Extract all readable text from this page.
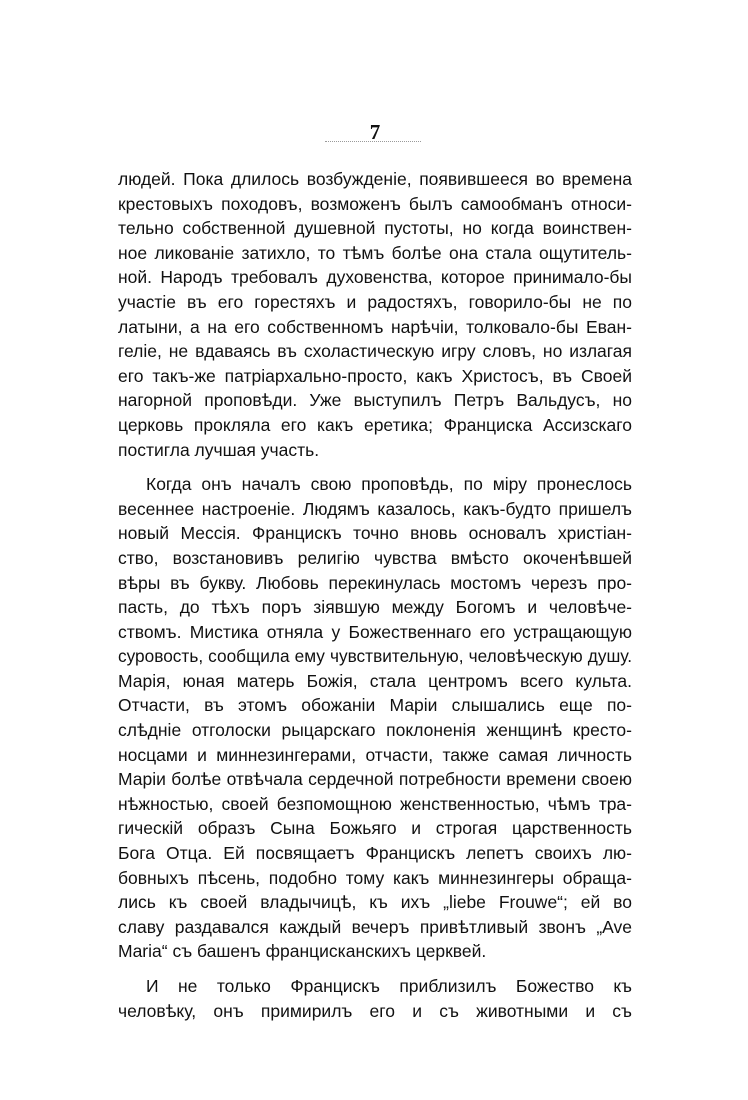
7
людей. Пока длилось возбужденіе, появившееся во времена
крестовыхъ походовъ, возможенъ былъ самообманъ относи-
тельно собственной душевной пустоты, но когда воинствен-
ное ликованіе затихло, то тѣмъ болѣе она стала ощутитель-
ной. Народъ требовалъ духовенства, которое принимало-бы
участіе въ его горестяхъ и радостяхъ, говорило-бы не по
латыни, а на его собственномъ нарѣчіи, толковало-бы Еван-
геліе, не вдаваясь въ схоластическую игру словъ, но излагая
его такъ-же патріархально-просто, какъ Христосъ, въ Своей
нагорной проповѣди. Уже выступилъ Петръ Вальдусъ, но
церковь прокляла его какъ еретика; Франциска Ассизскаго
постигла лучшая участь.
Когда онъ началъ свою проповѣдь, по міру пронеслось
весеннее настроеніе. Людямъ казалось, какъ-будто пришелъ
новый Мессія. Францискъ точно вновь основалъ христіан-
ство, возстановивъ религію чувства вмѣсто окоченѣвшей
вѣры въ букву. Любовь перекинулась мостомъ черезъ про-
пасть, до тѣхъ поръ зіявшую между Богомъ и человѣче-
ствомъ. Мистика отняла у Божественнаго его устращающую
суровость, сообщила ему чувствительную, человѣческую душу.
Марія, юная матерь Божія, стала центромъ всего культа.
Отчасти, въ этомъ обожаніи Маріи слышались еще по-
слѣдніе отголоски рыцарскаго поклоненія женщинѣ кресто-
носцами и миннезингерами, отчасти, также самая личность
Маріи болѣе отвѣчала сердечной потребности времени своею
нѣжностью, своей безпомощною женственностью, чѣмъ тра-
гическій образъ Сына Божьяго и строгая царственность
Бога Отца. Ей посвящаетъ Францискъ лепетъ своихъ лю-
бовныхъ пѣсень, подобно тому какъ миннезингеры обраща-
лись къ своей владычицѣ, къ ихъ „liebe Frouwe“; ей во
славу раздавался каждый вечеръ привѣтливый звонъ „Ave
Maria“ съ башенъ францисканскихъ церквей.
И не только Францискъ приблизилъ Божество къ
человѣку, онъ примирилъ его и съ животными и съ
